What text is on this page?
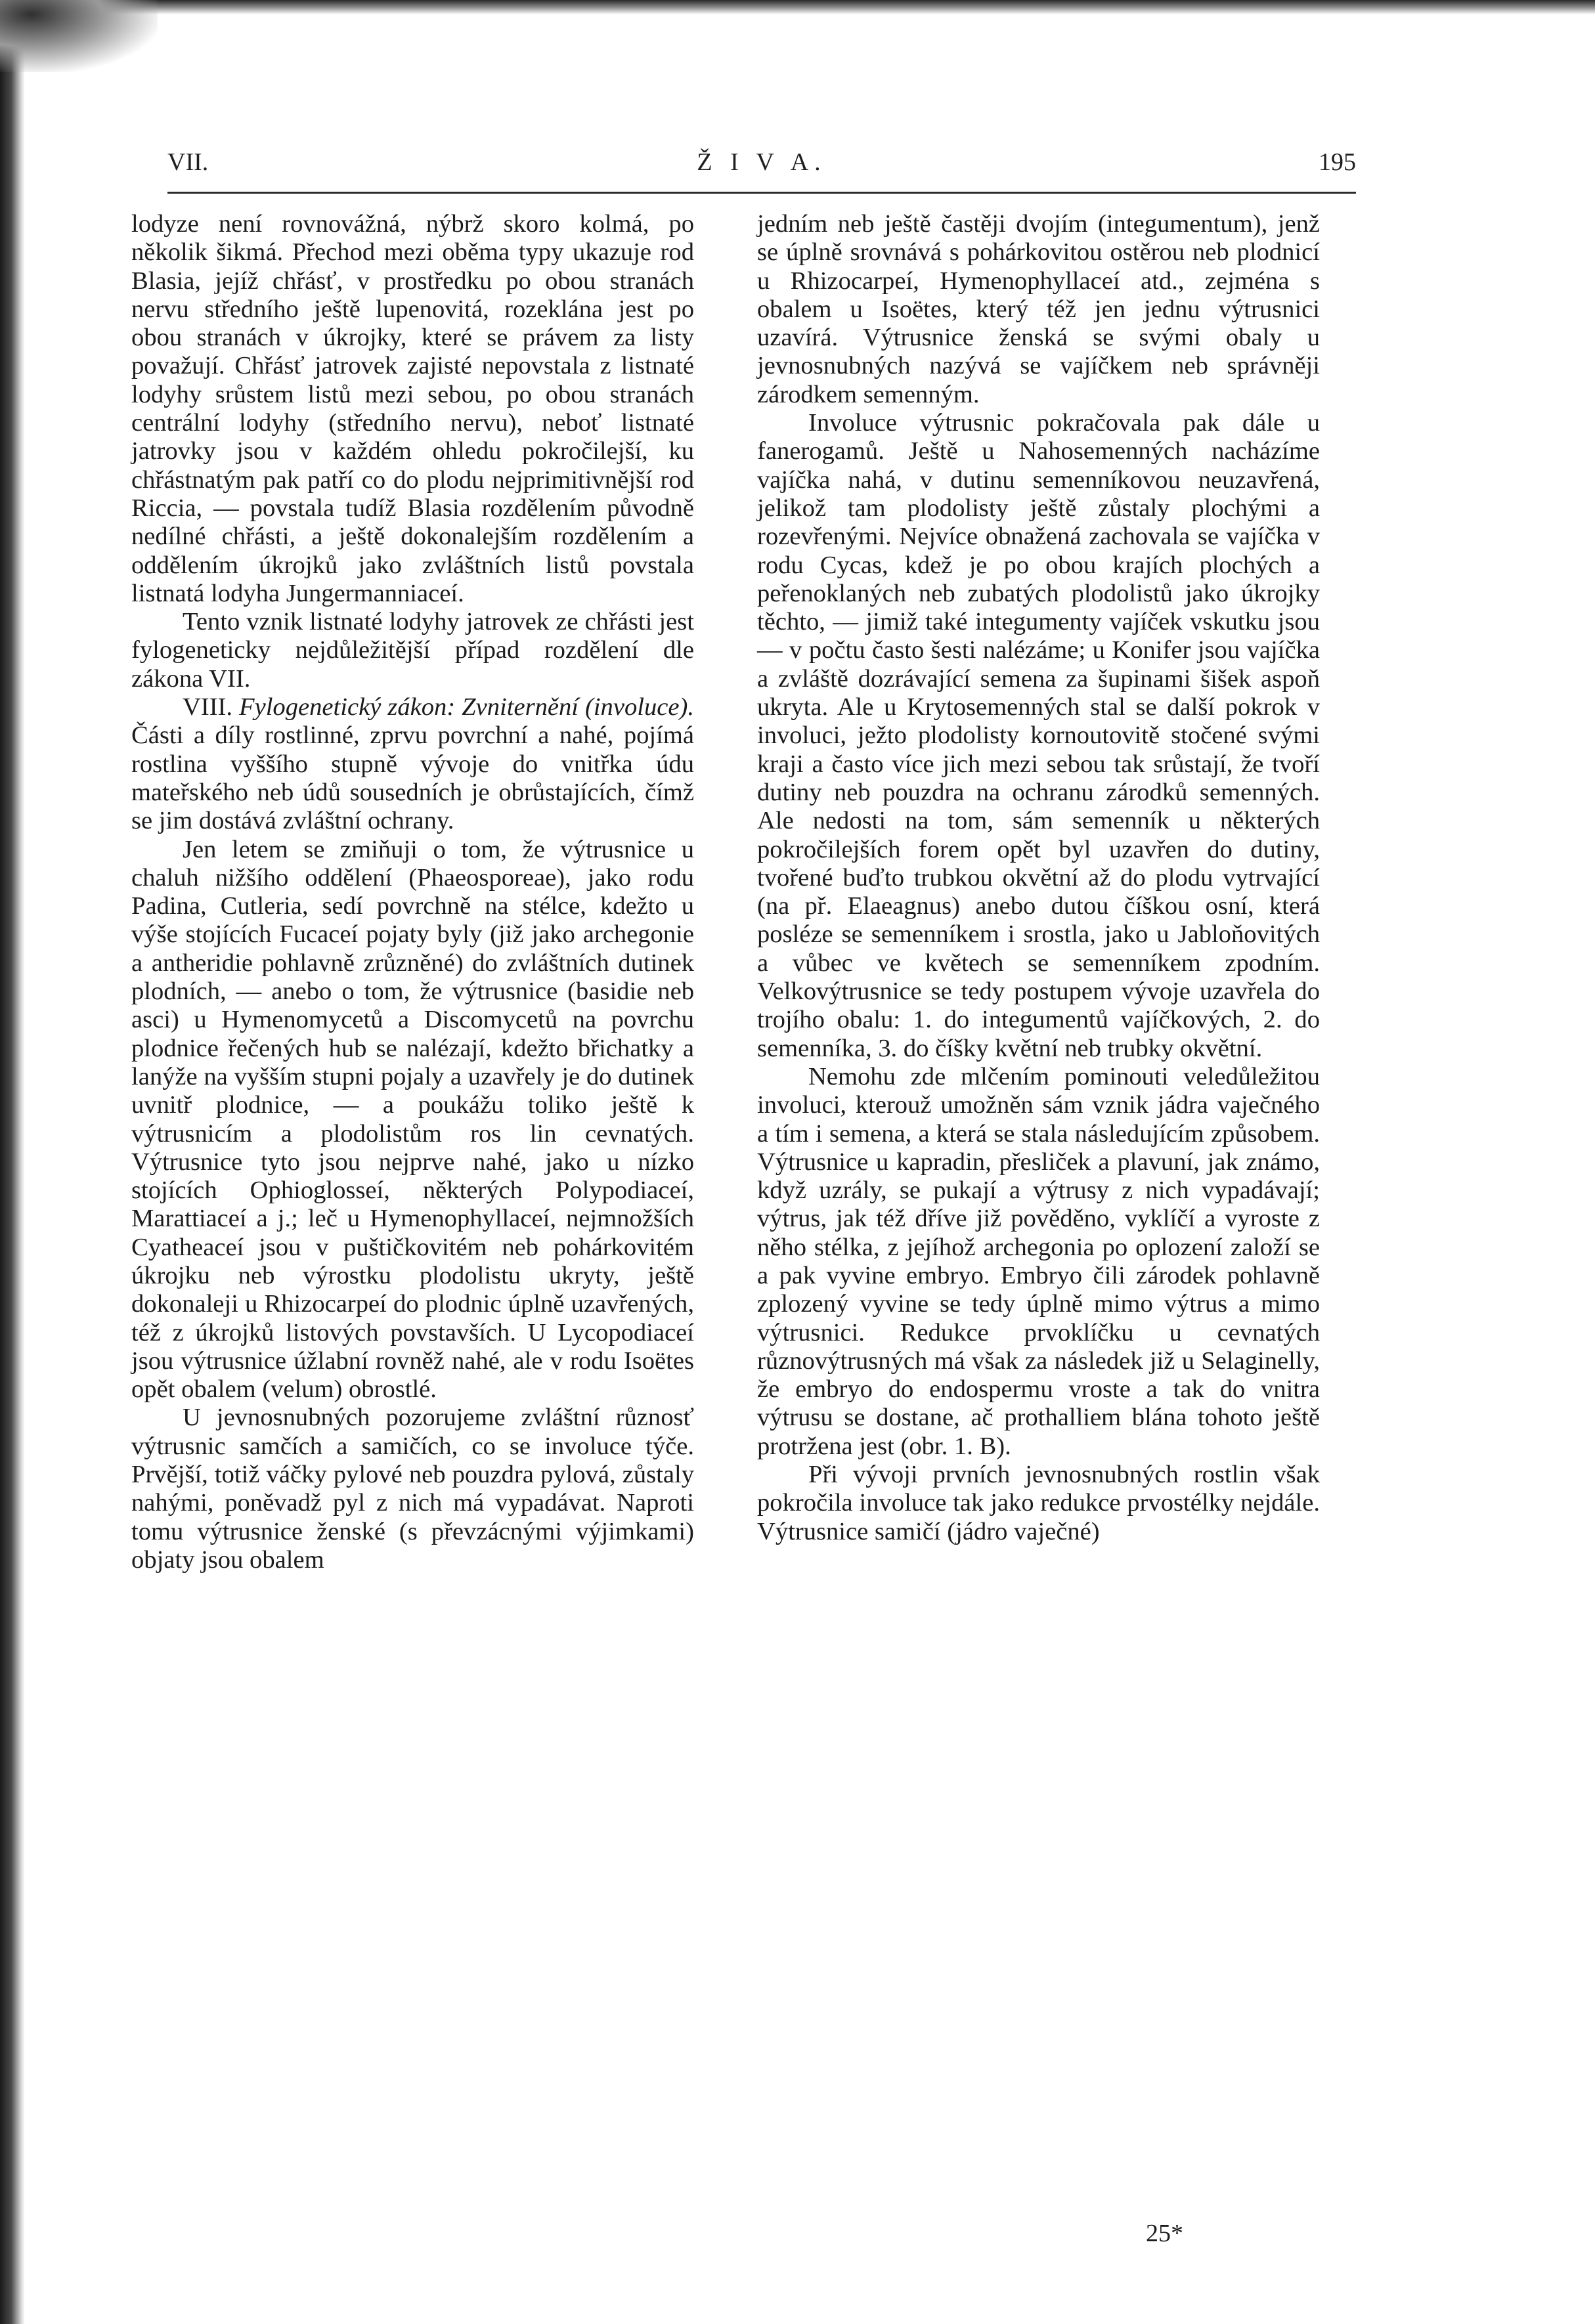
VII.	Ž I V A.	195

lodyze není rovnovážná, nýbrž skoro kolmá, po několik šikmá. Přechod mezi oběma typy ukazuje rod Blasia, jejíž chřásť, v prostředku po obou stranách nervu středního ještě lupenovitá, rozeklána jest po obou stranách v úkrojky, které se právem za listy považují. Chřásť jatrovek zajisté nepovstala z listnaté lodyhy srůstem listů mezi sebou, po obou stranách centrální lodyhy (středního nervu), neboť listnaté jatrovky jsou v každém ohledu pokročilejší, ku chřástnatým pak patří co do plodu nejprimitivnější rod Riccia, — povstala tudíž Blasia rozdělením původně nedílné chřásti, a ještě dokonalejším rozdělením a oddělením úkrojků jako zvláštních listů povstala listnatá lodyha Jungermanniaceí.

Tento vznik listnaté lodyhy jatrovek ze chřásti jest fylogeneticky nejdůležitější případ rozdělení dle zákona VII.

VIII. Fylogenetický zákon: Zvniternění (involuce). Části a díly rostlinné, zprvu povrchní a nahé, pojímá rostlina vyššího stupně vývoje do vnitřka údu mateřského neb údů sousedních je obrůstajících, čímž se jim dostává zvláštní ochrany.

Jen letem se zmiňuji o tom, že výtrusnice u chaluh nižšího oddělení (Phaeosporeae), jako rodu Padina, Cutleria, sedí povrchně na stélce, kdežto u výše stojících Fucaceí pojaty byly (již jako archegonie a antheridie pohlavně zrůzněné) do zvláštních dutinek plodních, — anebo o tom, že výtrusnice (basidie neb asci) u Hymenomycetů a Discomycetů na povrchu plodnice řečených hub se nalézají, kdežto břichatky a lanýže na vyšším stupni pojaly a uzavřely je do dutinek uvnitř plodnice, — a poukážu toliko ještě k výtrusnicím a plodolistům ros lin cevnatých. Výtrusnice tyto jsou nejprve nahé, jako u nízko stojících Ophioglosseí, některých Polypodiaceí, Marattiaceí a j.; leč u Hymenophyllaceí, nejmnožších Cyatheaceí jsou v puštičkovitém neb pohárkovitém úkrojku neb výrostku plodolistu ukryty, ještě dokonaleji u Rhizocarpeí do plodnic úplně uzavřených, též z úkrojků listových povstavších. U Lycopodiaceí jsou výtrusnice úžlabní rovněž nahé, ale v rodu Isoëtes opět obalem (velum) obrostlé.

U jevnosnubných pozorujeme zvláštní různosť výtrusnic samčích a samičích, co se involuce týče. Prvější, totiž váčky pylové neb pouzdra pylová, zůstaly nahými, poněvadž pyl z nich má vypadávat. Naproti tomu výtrusnice ženské (s převzácnými výjimkami) objaty jsou obalem

jedním neb ještě častěji dvojím (integumentum), jenž se úplně srovnává s pohárkovitou ostěrou neb plodnicí u Rhizocarpeí, Hymenophyllaceí atd., zejména s obalem u Isoëtes, který též jen jednu výtrusnici uzavírá. Výtrusnice ženská se svými obaly u jevnosnubných nazývá se vajíčkem neb správněji zárodkem semenným.

Involuce výtrusnic pokračovala pak dále u fanerogamů. Ještě u Nahosemenných nacházíme vajíčka nahá, v dutinu semenníkovou neuzavřená, jelikož tam plodolisty ještě zůstaly plochými a rozevřenými. Nejvíce obnažená zachovala se vajíčka v rodu Cycas, kdež je po obou krajích plochých a peřenoklaných neb zubatých plodolistů jako úkrojky těchto, — jimiž také integumenty vajíček vskutku jsou — v počtu často šesti nalézáme; u Konifer jsou vajíčka a zvláště dozrávající semena za šupinami šišek aspoň ukryta. Ale u Krytosemenných stal se další pokrok v involuci, ježto plodolisty kornoutovitě stočené svými kraji a často více jich mezi sebou tak srůstají, že tvoří dutiny neb pouzdra na ochranu zárodků semenných. Ale nedosti na tom, sám semenník u některých pokročilejších forem opět byl uzavřen do dutiny, tvořené buďto trubkou okvětní až do plodu vytrvající (na př. Elaeagnus) anebo dutou číškou osní, která posléze se semenníkem i srostla, jako u Jabloňovitých a vůbec ve květech se semenníkem zpodním. Velkovýtrusnice se tedy postupem vývoje uzavřela do trojího obalu: 1. do integumentů vajíčkových, 2. do semenníka, 3. do číšky květní neb trubky okvětní.

Nemohu zde mlčením pominouti veledůležitou involuci, kterouž umožněn sám vznik jádra vaječného a tím i semena, a která se stala následujícím způsobem. Výtrusnice u kapradin, přesliček a plavuní, jak známo, když uzrály, se pukají a výtrusy z nich vypadávají; výtrus, jak též dříve již pověděno, vyklíčí a vyroste z něho stélka, z jejíhož archegonia po oplození založí se a pak vyvine embryo. Embryo čili zárodek pohlavně zplozený vyvine se tedy úplně mimo výtrus a mimo výtrusnici. Redukce prvoklíčku u cevnatých různovýtrusných má však za následek již u Selaginelly, že embryo do endospermu vroste a tak do vnitra výtrusu se dostane, ač prothalliem blána tohoto ještě protržena jest (obr. 1. B).

Při vývoji prvních jevnosnubných rostlin však pokročila involuce tak jako redukce prvostélky nejdále. Výtrusnice samičí (jádro vaječné)

25*
